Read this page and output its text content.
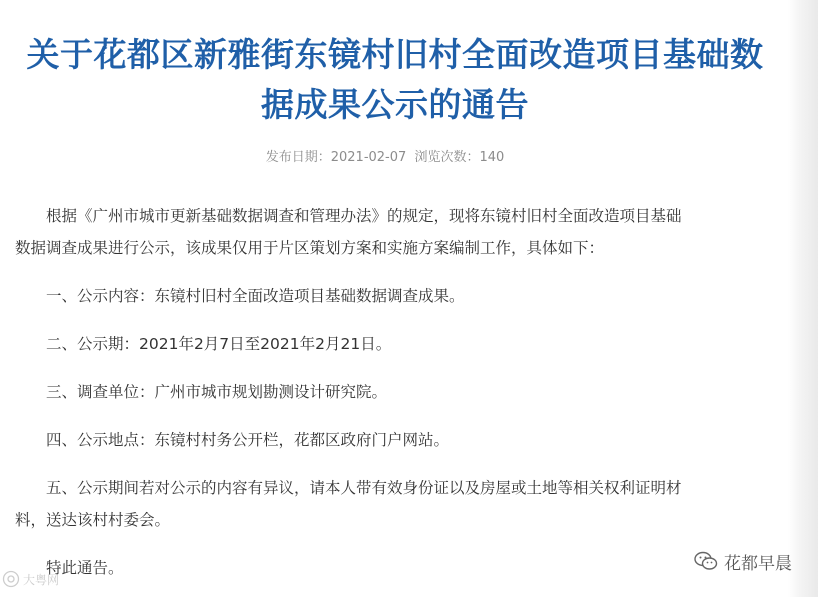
关于花都区新雅街东镜村旧村全面改造项目基础数
据成果公示的通告
发布日期：2021-02-07 浏览次数：140

根据《广州市城市更新基础数据调查和管理办法》的规定，现将东镜村旧村全面改造项目基础

数据调查成果进行公示，该成果仅用于片区策划方案和实施方案编制工作，具体如下：

一、公示内容：东镜村旧村全面改造项目基础数据调查成果。

二、公示期：2021年2月7日至2021年2月21日。

三、调查单位：广州市城市规划勘测设计研究院。

四、公示地点：东镜村村务公开栏，花都区政府门户网站。

五、公示期间若对公示的内容有异议，请本人带有效身份证以及房屋或土地等相关权利证明材

料，送达该村村委会。

特此通告。	花都早晨
大粤网
